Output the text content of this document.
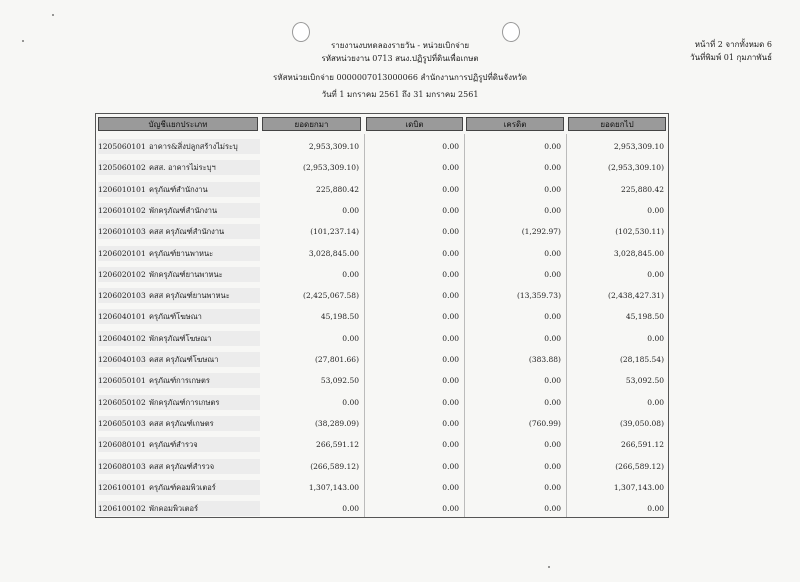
รายงานงบทดลองรายวัน - หน่วยเบิกจ่าย
รหัสหน่วยงาน 0713 สนง.ปฏิรูปที่ดินเพื่อเกษต
รหัสหน่วยเบิกจ่าย 0000007013000066 สำนักงานการปฏิรูปที่ดินจังหวัด
วันที่ 1 มกราคม 2561 ถึง 31 มกราคม 2561
หน้าที่ 2 จากทั้งหมด 6
วันที่พิมพ์ 01 กุมภาพันธ์
บัญชีแยกประเภท	ยอดยกมา	เดบิต	เครดิต	ยอดยกไป
1205060101 อาคาร&สิ่งปลูกสร้างไม่ระบุ	2,953,309.10	0.00	0.00	2,953,309.10
1205060102 คสส. อาคารไม่ระบุฯ	(2,953,309.10)	0.00	0.00	(2,953,309.10)
1206010101 ครุภัณฑ์สำนักงาน	225,880.42	0.00	0.00	225,880.42
1206010102 พักครุภัณฑ์สำนักงาน	0.00	0.00	0.00	0.00
1206010103 คสส ครุภัณฑ์สำนักงาน	(101,237.14)	0.00	(1,292.97)	(102,530.11)
1206020101 ครุภัณฑ์ยานพาหนะ	3,028,845.00	0.00	0.00	3,028,845.00
1206020102 พักครุภัณฑ์ยานพาหนะ	0.00	0.00	0.00	0.00
1206020103 คสส ครุภัณฑ์ยานพาหนะ	(2,425,067.58)	0.00	(13,359.73)	(2,438,427.31)
1206040101 ครุภัณฑ์โฆษณา	45,198.50	0.00	0.00	45,198.50
1206040102 พักครุภัณฑ์โฆษณา	0.00	0.00	0.00	0.00
1206040103 คสส ครุภัณฑ์โฆษณา	(27,801.66)	0.00	(383.88)	(28,185.54)
1206050101 ครุภัณฑ์การเกษตร	53,092.50	0.00	0.00	53,092.50
1206050102 พักครุภัณฑ์การเกษตร	0.00	0.00	0.00	0.00
1206050103 คสส ครุภัณฑ์เกษตร	(38,289.09)	0.00	(760.99)	(39,050.08)
1206080101 ครุภัณฑ์สำรวจ	266,591.12	0.00	0.00	266,591.12
1206080103 คสส ครุภัณฑ์สำรวจ	(266,589.12)	0.00	0.00	(266,589.12)
1206100101 ครุภัณฑ์คอมพิวเตอร์	1,307,143.00	0.00	0.00	1,307,143.00
1206100102 พักคอมพิวเตอร์	0.00	0.00	0.00	0.00
